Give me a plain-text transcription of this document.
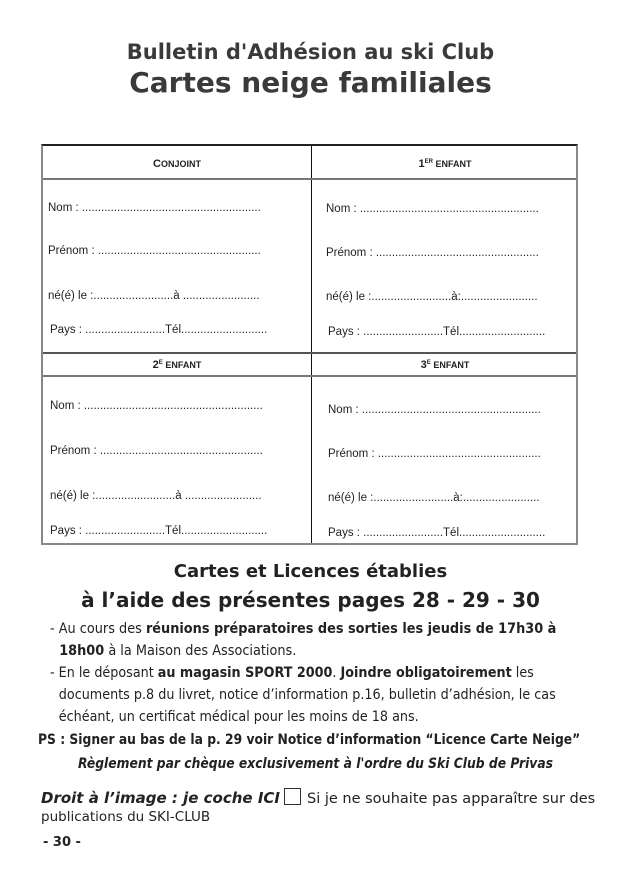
Bulletin d'Adhésion au ski Club
Cartes neige familiales
CONJOINT
Nom : ........................................................
Prénom : ...................................................
né(é) le :.........................à ........................
Pays : .........................Tél...........................
1ER ENFANT
Nom : ........................................................
Prénom : ...................................................
né(é) le :.........................à:........................
Pays : .........................Tél...........................
$2^E$ ENFANT
Nom : ........................................................
Prénom : ...................................................
né(é) le :.........................à ........................
Pays : .........................Tél...........................
$3^E$ ENFANT
Nom : ........................................................
Prénom : ...................................................
né(é) le :.........................à:........................
Pays : .........................Tél...........................
Cartes et Licences établies
à l’aide des présentes pages 28 - 29 - 30
- Au cours des réunions préparatoires des sorties les jeudis de 17h30 à
18h00 à la Maison des Associations.
- En le déposant au magasin SPORT 2000. Joindre obligatoirement les
documents p.8 du livret, notice d’information p.16, bulletin d’adhésion, le cas
échéant, un certificat médical pour les moins de 18 ans.
PS : Signer au bas de la p. 29 voir Notice d’information “Licence Carte Neige”
Règlement par chèque exclusivement à l'ordre du Ski Club de Privas
Droit à l’image : je coche ICI Si je ne souhaite pas apparaître sur des
publications du SKI-CLUB
- 30 -
